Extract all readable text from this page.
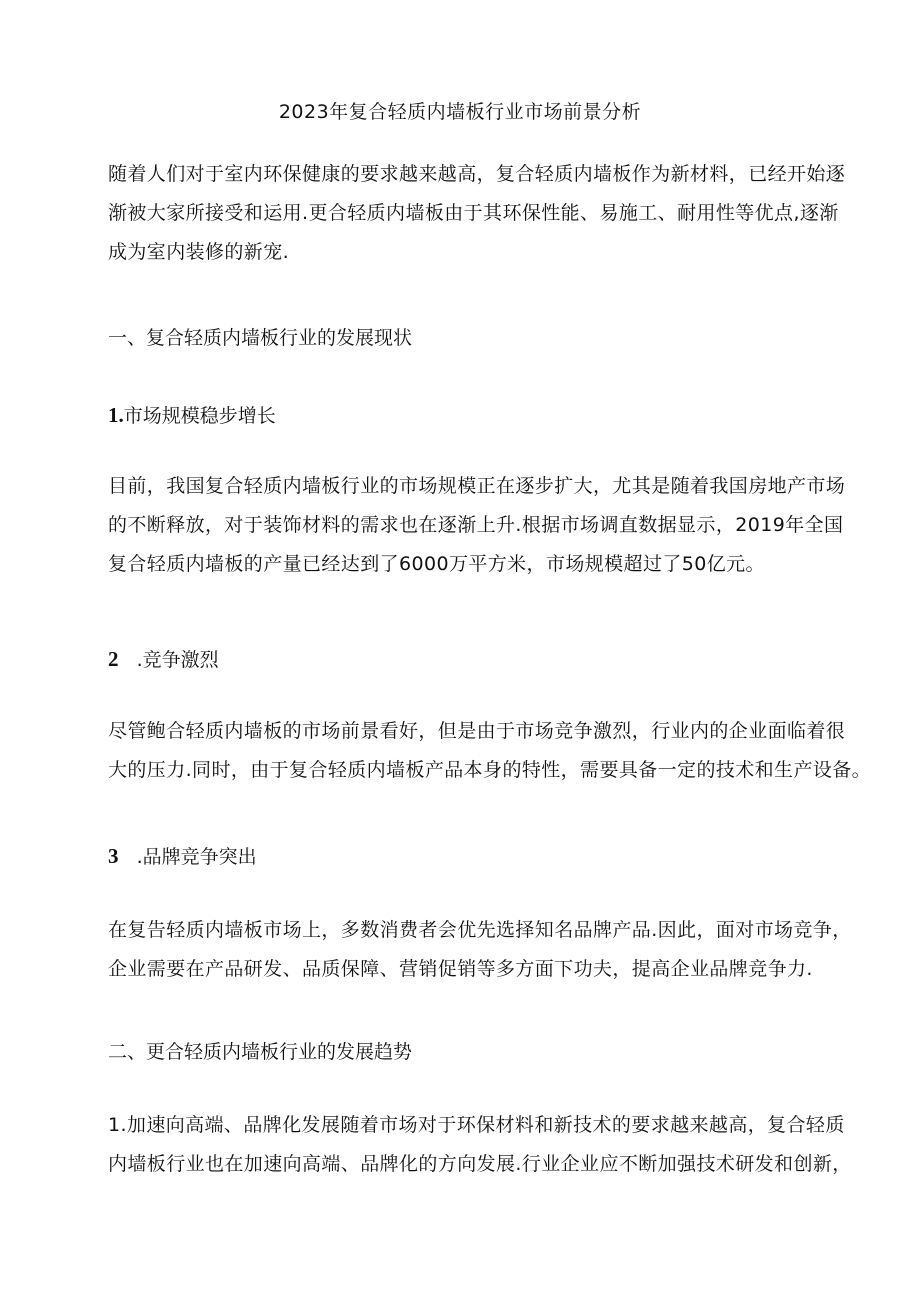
2023年复合轻质内墙板行业市场前景分析
随着人们对于室内环保健康的要求越来越高，复合轻质内墙板作为新材料，已经开始逐
渐被大家所接受和运用.更合轻质内墙板由于其环保性能、易施工、耐用性等优点,逐渐
成为室内装修的新宠.
一、复合轻质内墙板行业的发展现状
1.市场规模稳步增长
目前，我国复合轻质内墙板行业的市场规模正在逐步扩大，尤其是随着我国房地产市场
的不断释放，对于装饰材料的需求也在逐渐上升.根据市场调直数据显示，2019年全国
复合轻质内墙板的产量已经达到了6000万平方米，市场规模超过了50亿元。
2 .竞争激烈
尽管鲍合轻质内墙板的市场前景看好，但是由于市场竞争激烈，行业内的企业面临着很
大的压力.同时，由于复合轻质内墙板产品本身的特性，需要具备一定的技术和生产设备。
3 .品牌竞争突出
在复告轻质内墙板市场上，多数消费者会优先选择知名品牌产品.因此，面对市场竞争，
企业需要在产品研发、品质保障、营销促销等多方面下功夫，提高企业品牌竞争力.
二、更合轻质内墙板行业的发展趋势
1.加速向高端、品牌化发展随着市场对于环保材料和新技术的要求越来越高，复合轻质
内墙板行业也在加速向高端、品牌化的方向发展.行业企业应不断加强技术研发和创新，
